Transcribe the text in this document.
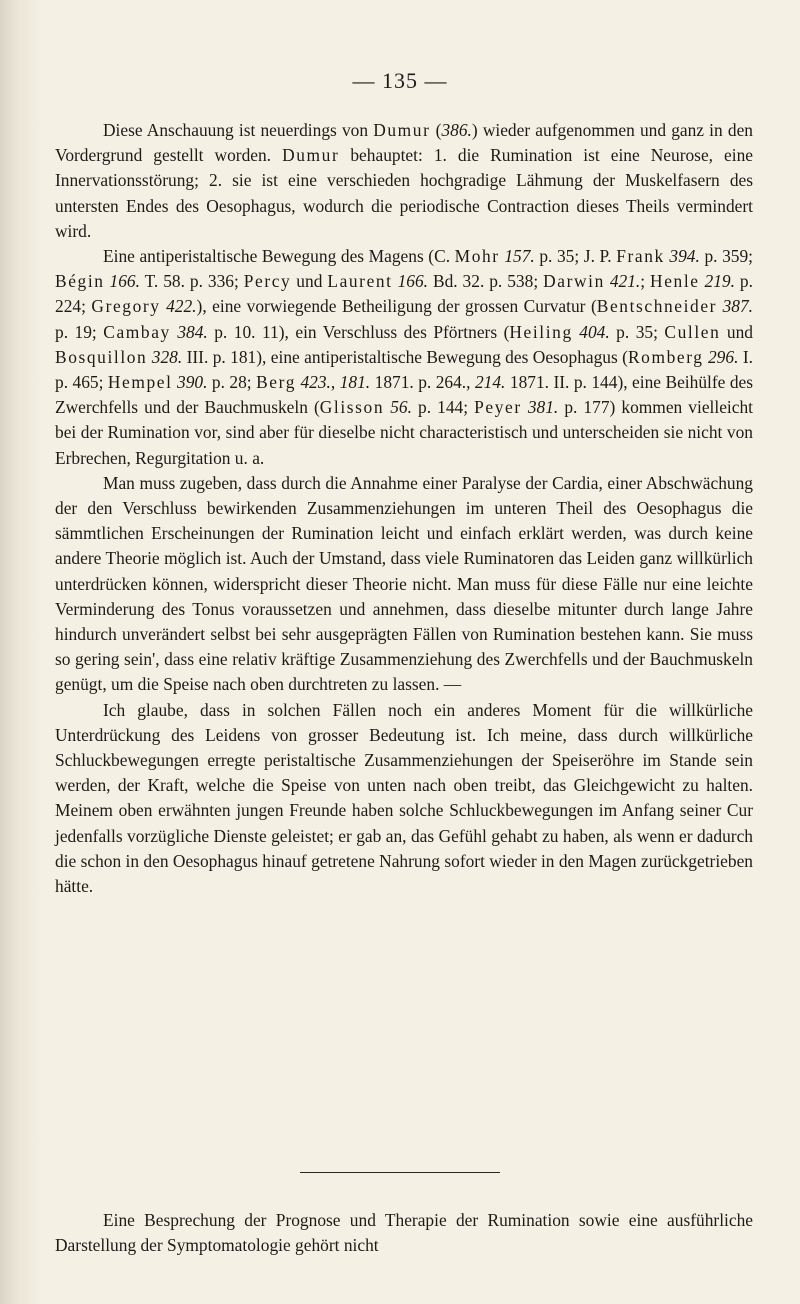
— 135 —

Diese Anschauung ist neuerdings von Dumur (386.) wieder aufgenommen und ganz in den Vordergrund gestellt worden. Dumur behauptet: 1. die Rumination ist eine Neurose, eine Innervationsstörung; 2. sie ist eine verschieden hochgradige Lähmung der Muskelfasern des untersten Endes des Oesophagus, wodurch die periodische Contraction dieses Theils vermindert wird.

Eine antiperistaltische Bewegung des Magens (C. Mohr 157. p. 35; J. P. Frank 394. p. 359; Bégin 166. T. 58. p. 336; Percy und Laurent 166. Bd. 32. p. 538; Darwin 421.; Henle 219. p. 224; Gregory 422.), eine vorwiegende Betheiligung der grossen Curvatur (Bentschneider 387. p. 19; Cambay 384. p. 10. 11), ein Verschluss des Pförtners (Heiling 404. p. 35; Cullen und Bosquillon 328. III. p. 181), eine antiperistaltische Bewegung des Oesophagus (Romberg 296. I. p. 465; Hempel 390. p. 28; Berg 423., 181. 1871. p. 264., 214. 1871. II. p. 144), eine Beihülfe des Zwerchfells und der Bauchmuskeln (Glisson 56. p. 144; Peyer 381. p. 177) kommen vielleicht bei der Rumination vor, sind aber für dieselbe nicht characteristisch und unterscheiden sie nicht von Erbrechen, Regurgitation u. a.

Man muss zugeben, dass durch die Annahme einer Paralyse der Cardia, einer Abschwächung der den Verschluss bewirkenden Zusammenziehungen im unteren Theil des Oesophagus die sämmtlichen Erscheinungen der Rumination leicht und einfach erklärt werden, was durch keine andere Theorie möglich ist. Auch der Umstand, dass viele Ruminatoren das Leiden ganz willkürlich unterdrücken können, widerspricht dieser Theorie nicht. Man muss für diese Fälle nur eine leichte Verminderung des Tonus voraussetzen und annehmen, dass dieselbe mitunter durch lange Jahre hindurch unverändert selbst bei sehr ausgeprägten Fällen von Rumination bestehen kann. Sie muss so gering sein', dass eine relativ kräftige Zusammenziehung des Zwerchfells und der Bauchmuskeln genügt, um die Speise nach oben durchtreten zu lassen. —

Ich glaube, dass in solchen Fällen noch ein anderes Moment für die willkürliche Unterdrückung des Leidens von grosser Bedeutung ist. Ich meine, dass durch willkürliche Schluckbewegungen erregte peristaltische Zusammenziehungen der Speiseröhre im Stande sein werden, der Kraft, welche die Speise von unten nach oben treibt, das Gleichgewicht zu halten. Meinem oben erwähnten jungen Freunde haben solche Schluckbewegungen im Anfang seiner Cur jedenfalls vorzügliche Dienste geleistet; er gab an, das Gefühl gehabt zu haben, als wenn er dadurch die schon in den Oesophagus hinauf getretene Nahrung sofort wieder in den Magen zurückgetrieben hätte.

Eine Besprechung der Prognose und Therapie der Rumination sowie eine ausführliche Darstellung der Symptomatologie gehört nicht
